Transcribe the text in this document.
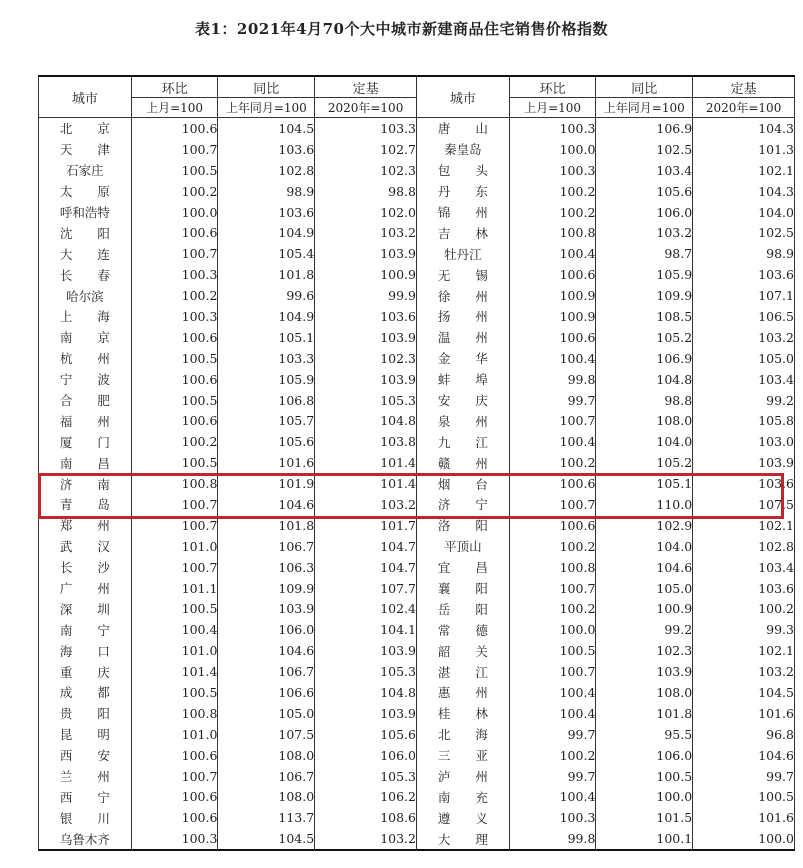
表1：2021年4月70个大中城市新建商品住宅销售价格指数
城市	环比	同比	定基	城市	环比	同比	定基
	上月=100	上年同月=100	2020年=100		上月=100	上年同月=100	2020年=100
北　　京	100.6	104.5	103.3	唐　　山	100.3	106.9	104.3
天　　津	100.7	103.6	102.7	秦皇岛	100.0	102.5	101.3
石家庄	100.5	102.8	102.3	包　　头	100.3	103.4	102.1
太　　原	100.2	98.9	98.8	丹　　东	100.2	105.6	104.3
呼和浩特	100.0	103.6	102.0	锦　　州	100.2	106.0	104.0
沈　　阳	100.6	104.9	103.2	吉　　林	100.8	103.2	102.5
大　　连	100.7	105.4	103.9	牡丹江	100.4	98.7	98.9
长　　春	100.3	101.8	100.9	无　　锡	100.6	105.9	103.6
哈尔滨	100.2	99.6	99.9	徐　　州	100.9	109.9	107.1
上　　海	100.3	104.9	103.6	扬　　州	100.9	108.5	106.5
南　　京	100.6	105.1	103.9	温　　州	100.6	105.2	103.2
杭　　州	100.5	103.3	102.3	金　　华	100.4	106.9	105.0
宁　　波	100.6	105.9	103.9	蚌　　埠	99.8	104.8	103.4
合　　肥	100.5	106.8	105.3	安　　庆	99.7	98.8	99.2
福　　州	100.6	105.7	104.8	泉　　州	100.7	108.0	105.8
厦　　门	100.2	105.6	103.8	九　　江	100.4	104.0	103.0
南　　昌	100.5	101.6	101.4	赣　　州	100.2	105.2	103.9
济　　南	100.8	101.9	101.4	烟　　台	100.6	105.1	103.6
青　　岛	100.7	104.6	103.2	济　　宁	100.7	110.0	107.5
郑　　州	100.7	101.8	101.7	洛　　阳	100.6	102.9	102.1
武　　汉	101.0	106.7	104.7	平顶山	100.2	104.0	102.8
长　　沙	100.7	106.3	104.7	宜　　昌	100.8	104.6	103.4
广　　州	101.1	109.9	107.7	襄　　阳	100.7	105.0	103.6
深　　圳	100.5	103.9	102.4	岳　　阳	100.2	100.9	100.2
南　　宁	100.4	106.0	104.1	常　　德	100.0	99.2	99.3
海　　口	101.0	104.6	103.9	韶　　关	100.5	102.3	102.1
重　　庆	101.4	106.7	105.3	湛　　江	100.7	103.9	103.2
成　　都	100.5	106.6	104.8	惠　　州	100.4	108.0	104.5
贵　　阳	100.8	105.0	103.9	桂　　林	100.4	101.8	101.6
昆　　明	101.0	107.5	105.6	北　　海	99.7	95.5	96.8
西　　安	100.6	108.0	106.0	三　　亚	100.2	106.0	104.6
兰　　州	100.7	106.7	105.3	泸　　州	99.7	100.5	99.7
西　　宁	100.6	108.0	106.2	南　　充	100.4	100.0	100.5
银　　川	100.6	113.7	108.6	遵　　义	100.3	101.5	101.6
乌鲁木齐	100.3	104.5	103.2	大　　理	99.8	100.1	100.0
